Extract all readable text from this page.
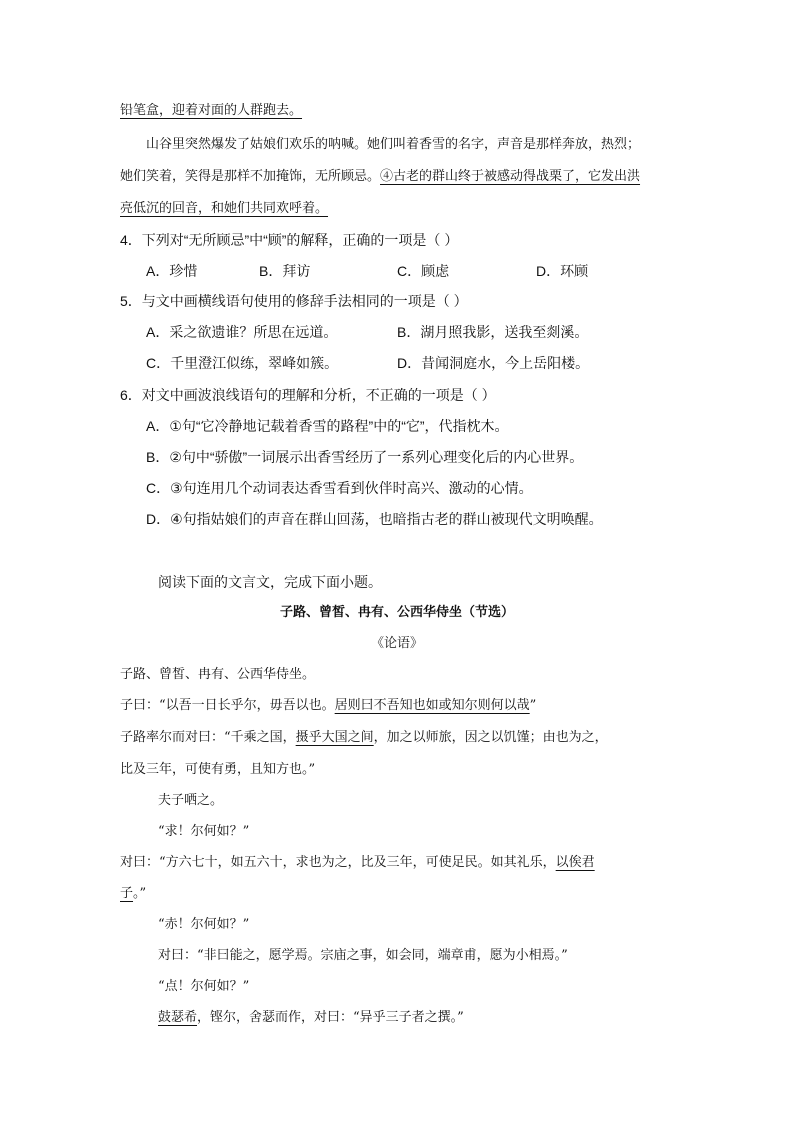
铅笔盒，迎着对面的人群跑去。
山谷里突然爆发了姑娘们欢乐的呐喊。她们叫着香雪的名字，声音是那样奔放，热烈；
她们笑着，笑得是那样不加掩饰，无所顾忌。④古老的群山终于被感动得战栗了，它发出洪
亮低沉的回音，和她们共同欢呼着。
4．下列对“无所顾忌”中“顾”的解释，正确的一项是（ ）
A．珍惜	B．拜访	C．顾虑	D．环顾
5．与文中画横线语句使用的修辞手法相同的一项是（ ）
A．采之欲遗谁？所思在远道。	B．湖月照我影，送我至剡溪。
C．千里澄江似练，翠峰如簇。	D．昔闻洞庭水，今上岳阳楼。
6．对文中画波浪线语句的理解和分析，不正确的一项是（ ）
A．①句“它冷静地记载着香雪的路程”中的“它”，代指枕木。
B．②句中“骄傲”一词展示出香雪经历了一系列心理变化后的内心世界。
C．③句连用几个动词表达香雪看到伙伴时高兴、激动的心情。
D．④句指姑娘们的声音在群山回荡，也暗指古老的群山被现代文明唤醒。
阅读下面的文言文，完成下面小题。
子路、曾皙、冉有、公西华侍坐（节选）
《论语》
子路、曾皙、冉有、公西华侍坐。
子曰：“以吾一日长乎尔，毋吾以也。居则曰不吾知也如或知尔则何以哉”
子路率尔而对曰：“千乘之国，摄乎大国之间，加之以师旅，因之以饥馑；由也为之，
比及三年，可使有勇，且知方也。”
夫子哂之。
“求！尔何如？”
对曰：“方六七十，如五六十，求也为之，比及三年，可使足民。如其礼乐，以俟君
子。”
“赤！尔何如？”
对曰：“非曰能之，愿学焉。宗庙之事，如会同，端章甫，愿为小相焉。”
“点！尔何如？”
鼓瑟希，铿尔，舍瑟而作，对曰：“异乎三子者之撰。”
